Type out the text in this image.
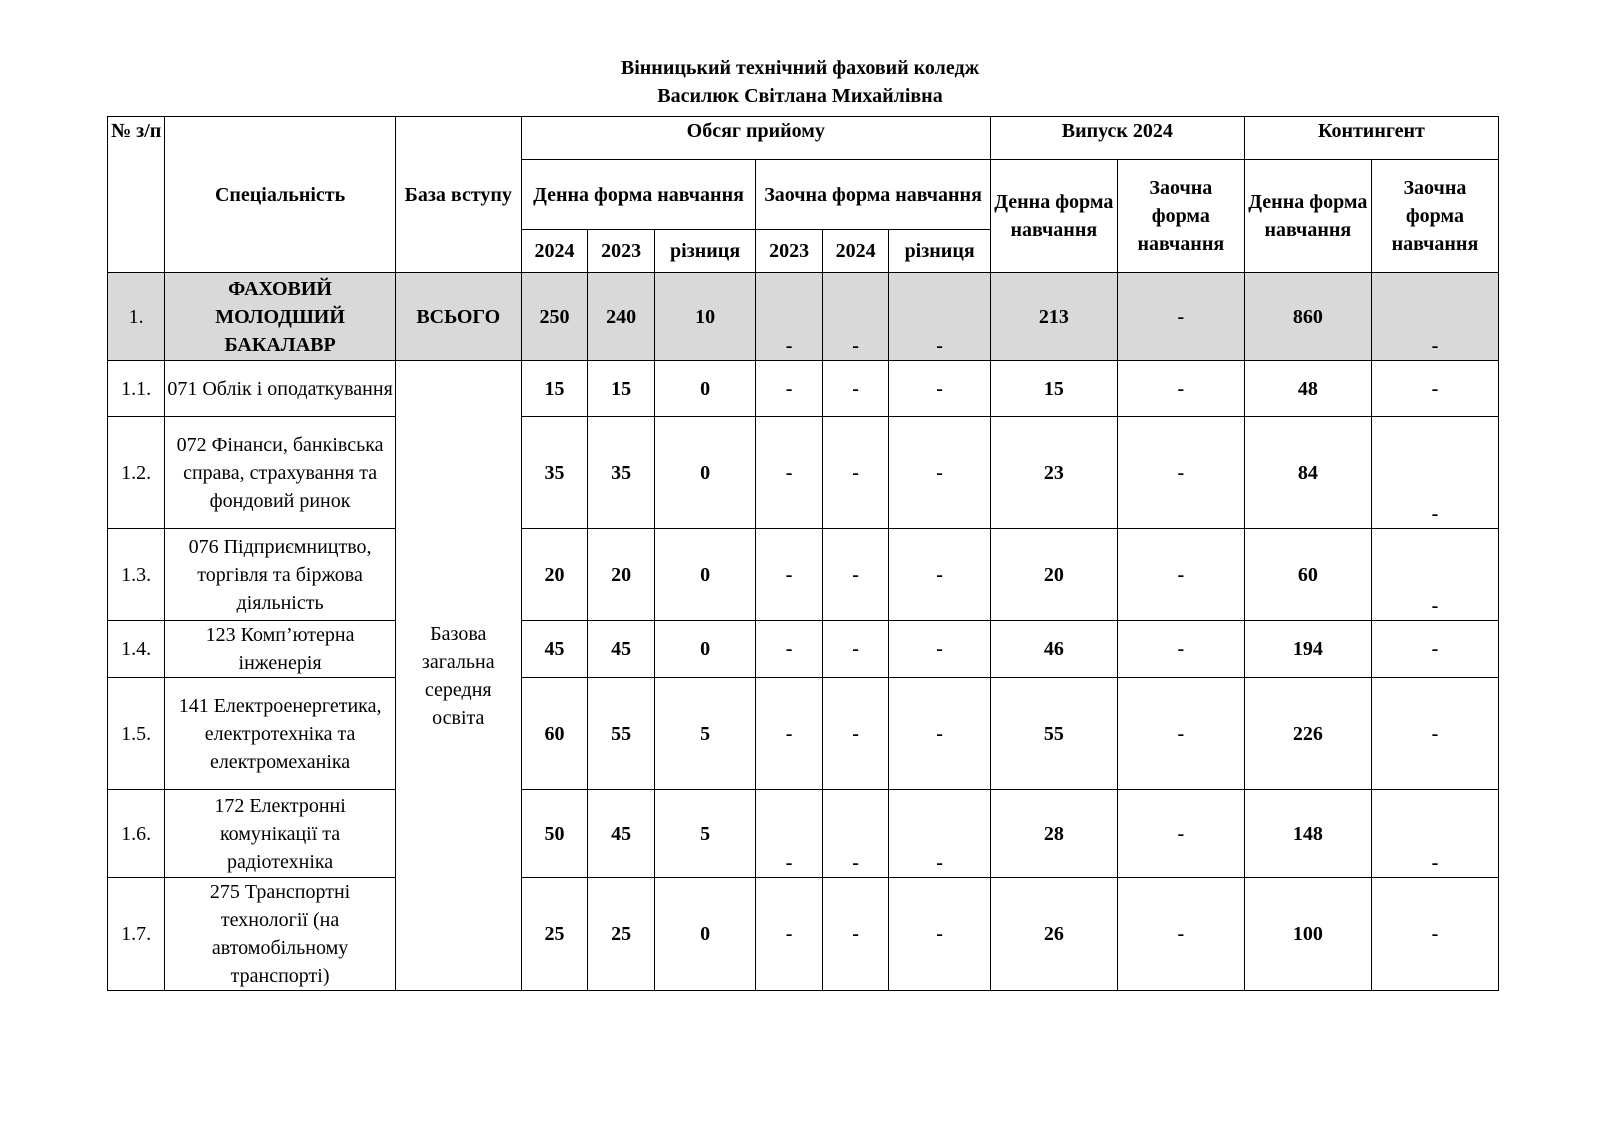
Вінницький технічний фаховий коледж
Василюк Світлана Михайлівна
№ з/п	Спеціальність	База вступу	Обсяг прийому						Випуск 2024		Контингент	
			Денна форма навчання			Заочна форма навчання			Денна форма навчання	Заочна форма навчання	Денна форма навчання	Заочна форма навчання
			2024	2023	різниця	2023	2024	різниця				
1.	ФАХОВИЙ МОЛОДШИЙ БАКАЛАВР	ВСЬОГО	250	240	10	-	-	-	213	-	860	-
1.1.	071 Облік і оподаткування	Базова загальна середня освіта	15	15	0	-	-	-	15	-	48	-
1.2.	072 Фінанси, банківська справа, страхування та фондовий ринок		35	35	0	-	-	-	23	-	84	-
1.3.	076 Підприємництво, торгівля та біржова діяльність		20	20	0	-	-	-	20	-	60	-
1.4.	123 Комп’ютерна інженерія		45	45	0	-	-	-	46	-	194	-
1.5.	141 Електроенергетика, електротехніка та електромеханіка		60	55	5	-	-	-	55	-	226	-
1.6.	172 Електронні комунікації та радіотехніка		50	45	5	-	-	-	28	-	148	-
1.7.	275 Транспортні технології (на автомобільному транспорті)		25	25	0	-	-	-	26	-	100	-
